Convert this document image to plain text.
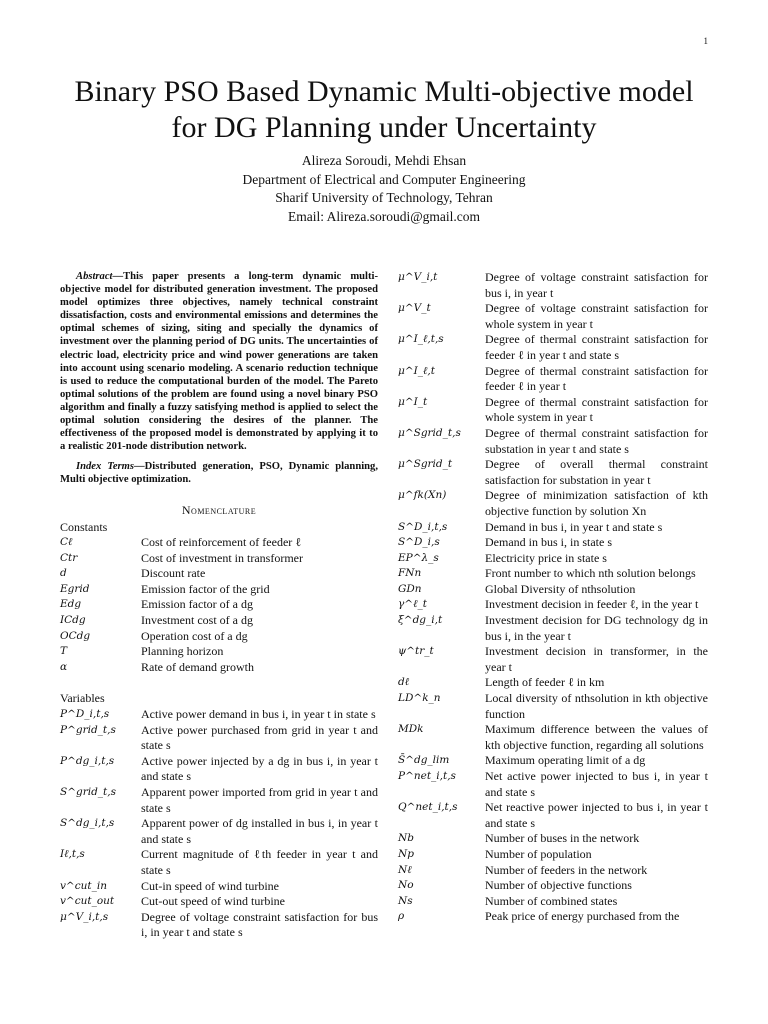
1
Binary PSO Based Dynamic Multi-objective model
for DG Planning under Uncertainty
Alireza Soroudi, Mehdi Ehsan
Department of Electrical and Computer Engineering
Sharif University of Technology, Tehran
Email: Alireza.soroudi@gmail.com

Abstract—This paper presents a long-term dynamic multi-objective model for distributed generation investment. The proposed model optimizes three objectives, namely technical constraint dissatisfaction, costs and environmental emissions and determines the optimal schemes of sizing, siting and specially the dynamics of investment over the planning period of DG units. The uncertainties of electric load, electricity price and wind power generations are taken into account using scenario modeling. A scenario reduction technique is used to reduce the computational burden of the model. The Pareto optimal solutions of the problem are found using a novel binary PSO algorithm and finally a fuzzy satisfying method is applied to select the optimal solution considering the desires of the planner. The effectiveness of the proposed model is demonstrated by applying it to a realistic 201-node distribution network.

Index Terms—Distributed generation, PSO, Dynamic planning, Multi objective optimization.

Nomenclature
Constants
Cℓ	Cost of reinforcement of feeder ℓ
Ctr	Cost of investment in transformer
d	Discount rate
Egrid	Emission factor of the grid
Edg	Emission factor of a dg
ICdg	Investment cost of a dg
OCdg	Operation cost of a dg
T	Planning horizon
α	Rate of demand growth
Variables
P^D_i,t,s	Active power demand in bus i, in year t in state s
P^grid_t,s	Active power purchased from grid in year t and state s
P^dg_i,t,s	Active power injected by a dg in bus i, in year t and state s
S^grid_t,s	Apparent power imported from grid in year t and state s
S^dg_i,t,s	Apparent power of dg installed in bus i, in year t and state s
Iℓ,t,s	Current magnitude of ℓth feeder in year t and state s
v^cut_in	Cut-in speed of wind turbine
v^cut_out	Cut-out speed of wind turbine
μ^V_i,t,s	Degree of voltage constraint satisfaction for bus i, in year t and state s
μ^V_i,t	Degree of voltage constraint satisfaction for bus i, in year t
μ^V_t	Degree of voltage constraint satisfaction for whole system in year t
μ^I_ℓ,t,s	Degree of thermal constraint satisfaction for feeder ℓ in year t and state s
μ^I_ℓ,t	Degree of thermal constraint satisfaction for feeder ℓ in year t
μ^I_t	Degree of thermal constraint satisfaction for whole system in year t
μ^Sgrid_t,s	Degree of thermal constraint satisfaction for substation in year t and state s
μ^Sgrid_t	Degree of overall thermal constraint satisfaction for substation in year t
μ^fk(Xn)	Degree of minimization satisfaction of kth objective function by solution Xn
S^D_i,t,s	Demand in bus i, in year t and state s
S^D_i,s	Demand in bus i, in state s
EP^λ_s	Electricity price in state s
FNn	Front number to which nth solution belongs
GDn	Global Diversity of nthsolution
γ^ℓ_t	Investment decision in feeder ℓ, in the year t
ξ^dg_i,t	Investment decision for DG technology dg in bus i, in the year t
ψ^tr_t	Investment decision in transformer, in the year t
dℓ	Length of feeder ℓ in km
LD^k_n	Local diversity of nthsolution in kth objective function
MDk	Maximum difference between the values of kth objective function, regarding all solutions
S̄^dg_lim	Maximum operating limit of a dg
P^net_i,t,s	Net active power injected to bus i, in year t and state s
Q^net_i,t,s	Net reactive power injected to bus i, in year t and state s
Nb	Number of buses in the network
Np	Number of population
Nℓ	Number of feeders in the network
No	Number of objective functions
Ns	Number of combined states
ρ	Peak price of energy purchased from the
